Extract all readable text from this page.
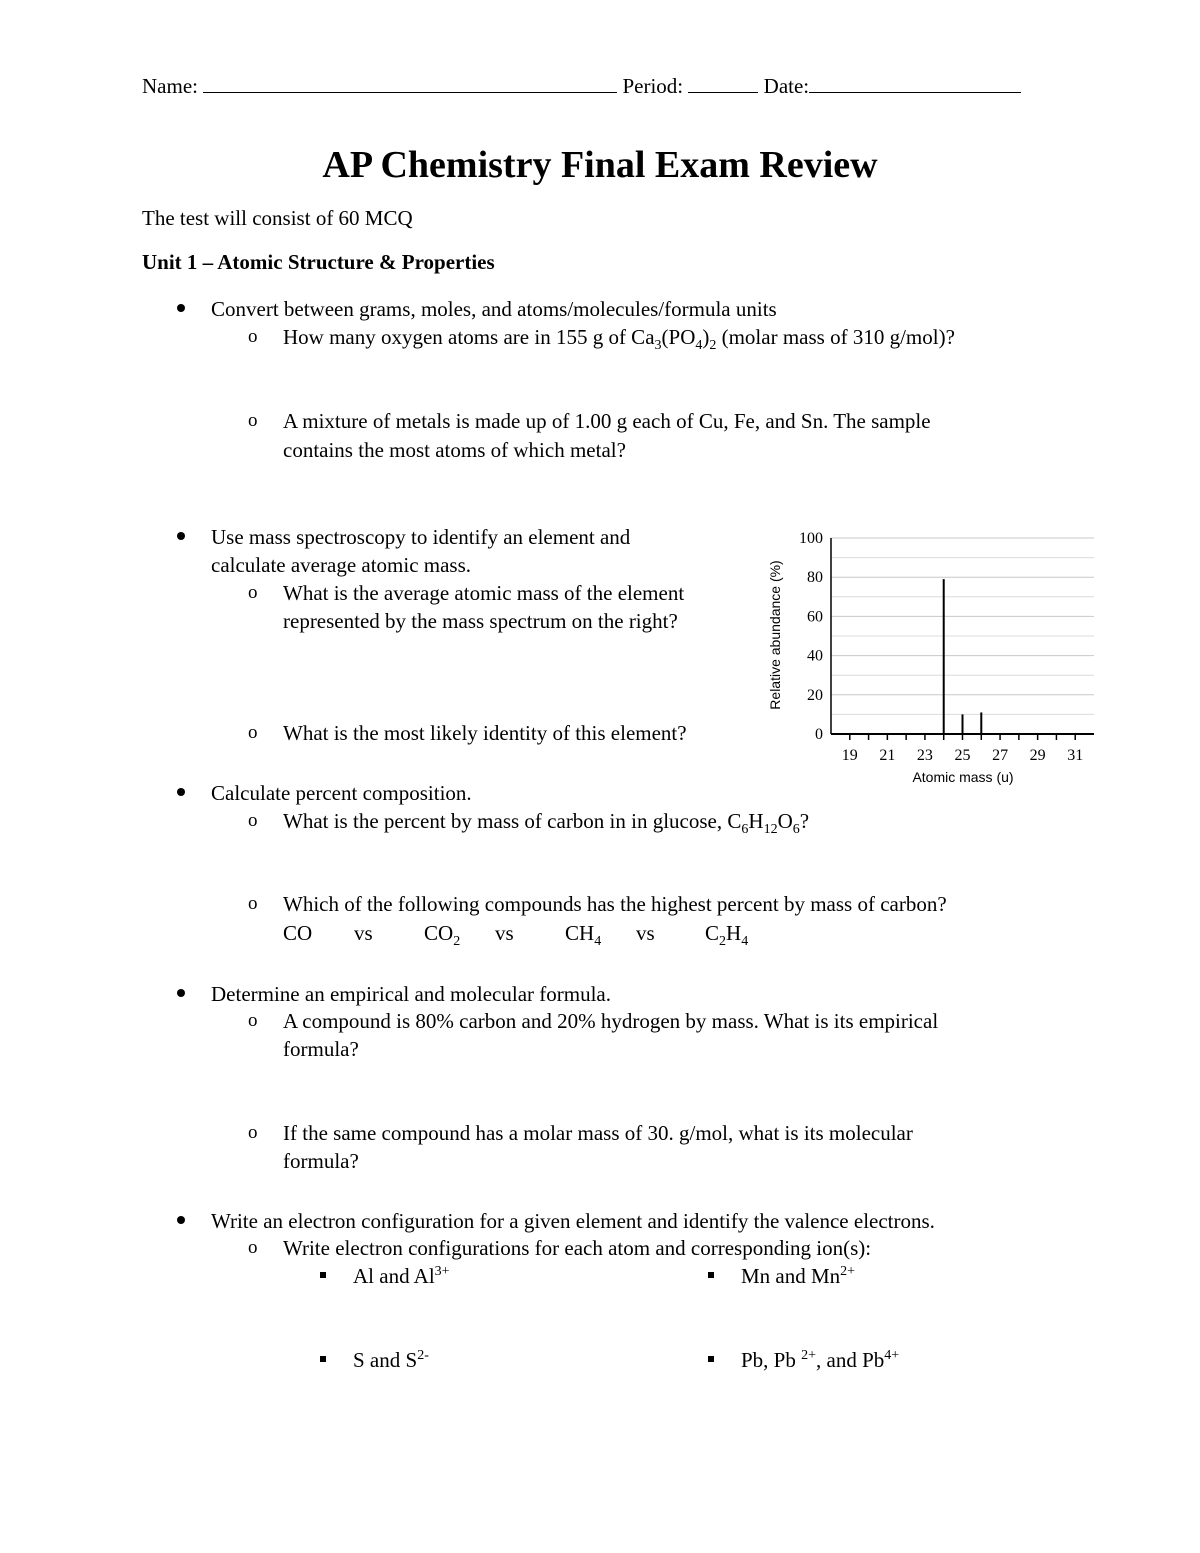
Name:	Period:	Date:
AP Chemistry Final Exam Review
The test will consist of 60 MCQ
Unit 1 – Atomic Structure & Properties
Convert between grams, moles, and atoms/molecules/formula units
o How many oxygen atoms are in 155 g of $Ca_3(PO_4)_2$ (molar mass of 310 g/mol)?
o A mixture of metals is made up of 1.00 g each of Cu, Fe, and Sn. The sample
contains the most atoms of which metal?
Use mass spectroscopy to identify an element and
calculate average atomic mass.
o What is the average atomic mass of the element
represented by the mass spectrum on the right?
o What is the most likely identity of this element?	0
20
40
60
80
100
19 21 23 25 27 29 31
Relative abundance (%)
Atomic mass (u)
Calculate percent composition.
o What is the percent by mass of carbon in in glucose, $C_6H_{12}O_6$?
o Which of the following compounds has the highest percent by mass of carbon?
CO vs $CO_2$ vs $CH_4$ vs $C_2H_4$
Determine an empirical and molecular formula.
o A compound is 80% carbon and 20% hydrogen by mass. What is its empirical
formula?
o If the same compound has a molar mass of 30. g/mol, what is its molecular
formula?
Write an electron configuration for a given element and identify the valence electrons.
o Write electron configurations for each atom and corresponding ion(s):
Al and $Al^{3+}$	Mn and $Mn^{2+}$
S and $S^{2-}$	Pb, Pb $^{2+}$, and $Pb^{4+}$
